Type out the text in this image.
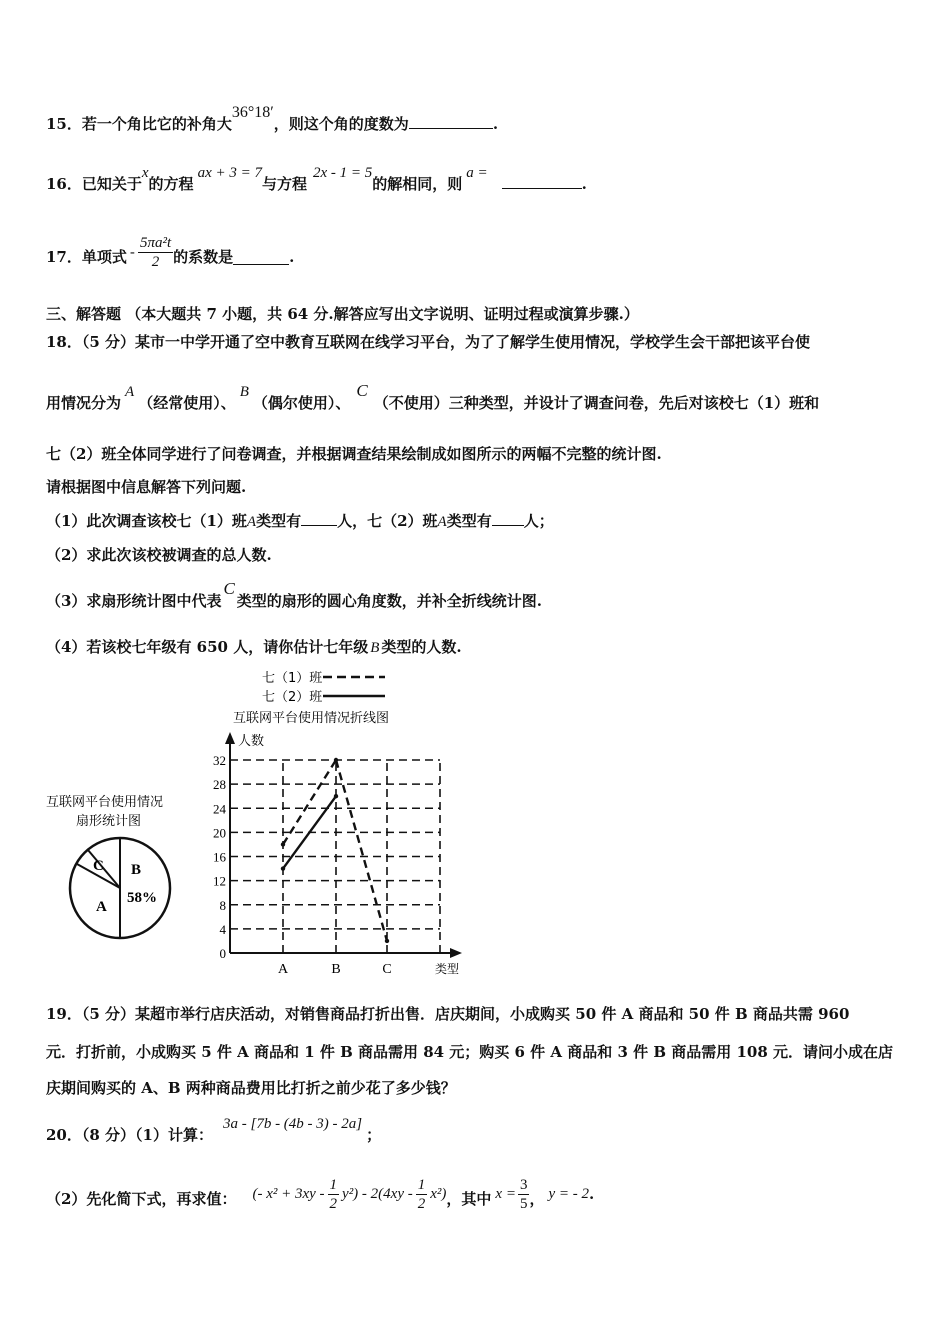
15．若一个角比它的补角大36°18′，则这个角的度数为	.
16．已知关于x的方程ax + 3 = 7与方程2x - 1 = 5的解相同，则a =.
17．单项式 - $\frac{\text{5πa²t}}{2}$ 的系数是	.
三、解答题 （本大题共 7 小题，共 64 分.解答应写出文字说明、证明过程或演算步骤.）
18．（5 分）某市一中学开通了空中教育互联网在线学习平台，为了了解学生使用情况，学校学生会干部把该平台使
用情况分为A（经常使用）、B（偶尔使用）、C（不使用）三种类型，并设计了调查问卷，先后对该校七（1）班和
七（2）班全体同学进行了问卷调查，并根据调查结果绘制成如图所示的两幅不完整的统计图.
请根据图中信息解答下列问题.
（1）此次调查该校七（1）班A类型有 人，七（2）班A类型有 人；
（2）求此次该校被调查的总人数.
（3）求扇形统计图中代表C类型的扇形的圆心角度数，并补全折线统计图.
（4）若该校七年级有 650 人，请你估计七年级 B 类型的人数.
七（1）班
七（2）班
互联网平台使用情况折线图
人数
类型
0
4
8
12
16
20
24
28
32
A	B	C
互联网平台使用情况
扇形统计图
C B
58%
A
19．（5 分）某超市举行店庆活动，对销售商品打折出售．店庆期间，小成购买 50 件 A 商品和 50 件 B 商品共需 960
元．打折前，小成购买 5 件 A 商品和 1 件 B 商品需用 84 元；购买 6 件 A 商品和 3 件 B 商品需用 108 元．请问小成在店
庆期间购买的 A、B 两种商品费用比打折之前少花了多少钱？
20．（8 分）（1）计算：3a - [7b - (4b - 3) - 2a]；
（2）先化简下式，再求值： (- $x^2 + 3xy - \frac{1}{2} y^2) - 2(4xy - \frac{1}{2} x^2)$ ，其中 $x = \frac{3}{5}$ ， y = - 2 .
